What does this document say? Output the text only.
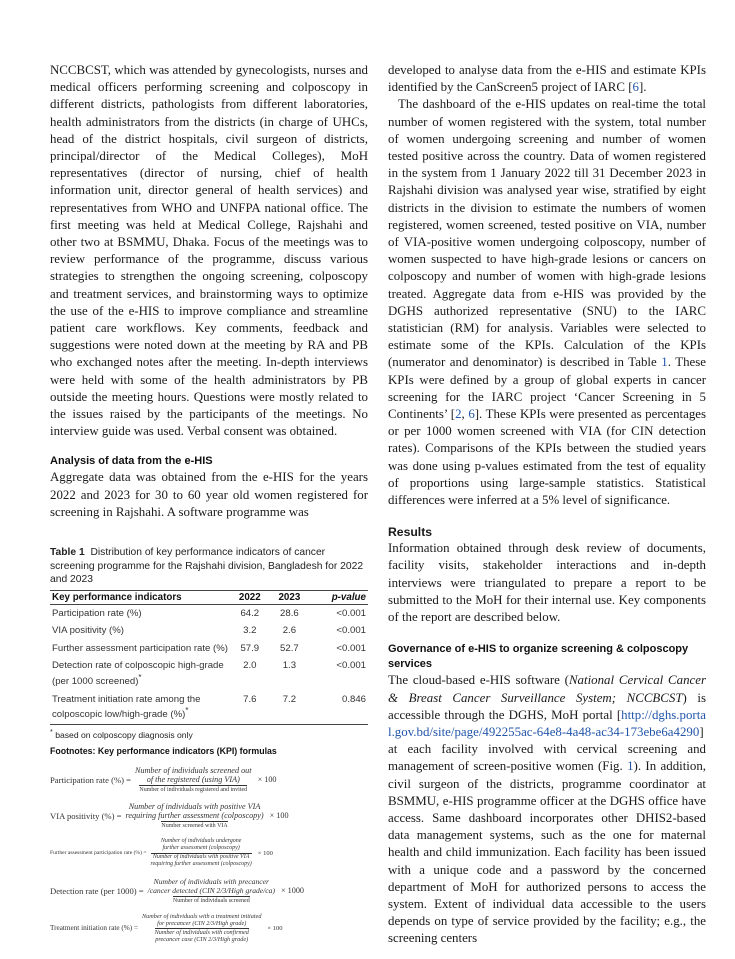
NCCBCST, which was attended by gynecologists, nurses and medical officers performing screening and colposcopy in different districts, pathologists from different laboratories, health administrators from the districts (in charge of UHCs, head of the district hospitals, civil surgeon of districts, principal/director of the Medical Colleges), MoH representatives (director of nursing, chief of health information unit, director general of health services) and representatives from WHO and UNFPA national office. The first meeting was held at Medical College, Rajshahi and other two at BSMMU, Dhaka. Focus of the meetings was to review performance of the programme, discuss various strategies to strengthen the ongoing screening, colposcopy and treatment services, and brainstorming ways to optimize the use of the e-HIS to improve compliance and streamline patient care workflows. Key comments, feedback and suggestions were noted down at the meeting by RA and PB who exchanged notes after the meeting. In-depth interviews were held with some of the health administrators by PB outside the meeting hours. Questions were mostly related to the issues raised by the participants of the meetings. No interview guide was used. Verbal consent was obtained.

Analysis of data from the e-HIS

Aggregate data was obtained from the e-HIS for the years 2022 and 2023 for 30 to 60 year old women registered for screening in Rajshahi. A software programme was

Table 1 Distribution of key performance indicators of cancer screening programme for the Rajshahi division, Bangladesh for 2022 and 2023
Key performance indicators	2022	2023	p-value
Participation rate (%)	64.2	28.6	<0.001
VIA positivity (%)	3.2	2.6	<0.001
Further assessment participation rate (%)	57.9	52.7	<0.001
Detection rate of colposcopic high-grade (per 1000 screened)*	2.0	1.3	<0.001
Treatment initiation rate among the colposcopic low/high-grade (%)*	7.6	7.2	0.846
* based on colposcopy diagnosis only
Footnotes: Key performance indicators (KPI) formulas
Participation rate (%) =
Number of individuals screened out
of the registered (using VIA)
Number of individuals registered and invited
× 100
VIA positivity (%) =
Number of individuals with positive VIA
requiring further assessment (colposcopy)
Number screened with VIA
× 100
Further assessment participation rate (%) =
Number of individuals undergone
further assessment (colposcopy)
Number of individuals with positive VIA
requiring further assessment (colposcopy)
× 100
Detection rate (per 1000) =
Number of individuals with precancer
/cancer detected (CIN 2/3/High grade/ca)
Number of individuals screened
× 1000
Treatment initiation rate (%) =
Number of individuals with a treatment initiated
for precancer (CIN 2/3/High grade)
Number of individuals with confirmed
precancer case (CIN 2/3/High grade)
× 100

developed to analyse data from the e-HIS and estimate KPIs identified by the CanScreen5 project of IARC [6].

The dashboard of the e-HIS updates on real-time the total number of women registered with the system, total number of women undergoing screening and number of women tested positive across the country. Data of women registered in the system from 1 January 2022 till 31 December 2023 in Rajshahi division was analysed year wise, stratified by eight districts in the division to estimate the numbers of women registered, women screened, tested positive on VIA, number of VIA-positive women undergoing colposcopy, number of women suspected to have high-grade lesions or cancers on colposcopy and number of women with high-grade lesions treated. Aggregate data from e-HIS was provided by the DGHS authorized representative (SNU) to the IARC statistician (RM) for analysis. Variables were selected to estimate some of the KPIs. Calculation of the KPIs (numerator and denominator) is described in Table 1. These KPIs were defined by a group of global experts in cancer screening for the IARC project ‘Cancer Screening in 5 Continents’ [2, 6]. These KPIs were presented as percentages or per 1000 women screened with VIA (for CIN detection rates). Comparisons of the KPIs between the studied years was done using p-values estimated from the test of equality of proportions using large-sample statistics. Statistical differences were inferred at a 5% level of significance.

Results

Information obtained through desk review of documents, facility visits, stakeholder interactions and in-depth interviews were triangulated to prepare a report to be submitted to the MoH for their internal use. Key components of the report are described below.

Governance of e-HIS to organize screening & colposcopy services

The cloud-based e-HIS software (National Cervical Cancer & Breast Cancer Surveillance System; NCCBCST) is accessible through the DGHS, MoH portal [http://dghs.portal.gov.bd/site/page/492255ac-64e8-4a48-ac34-173ebe6a4290] at each facility involved with cervical screening and management of screen-positive women (Fig. 1). In addition, civil surgeon of the districts, programme coordinator at BSMMU, e-HIS programme officer at the DGHS office have access. Same dashboard incorporates other DHIS2-based data management systems, such as the one for maternal health and child immunization. Each facility has been issued with a unique code and a password by the concerned department of MoH for authorized persons to access the system. Extent of individual data accessible to the users depends on type of service provided by the facility; e.g., the screening centers
